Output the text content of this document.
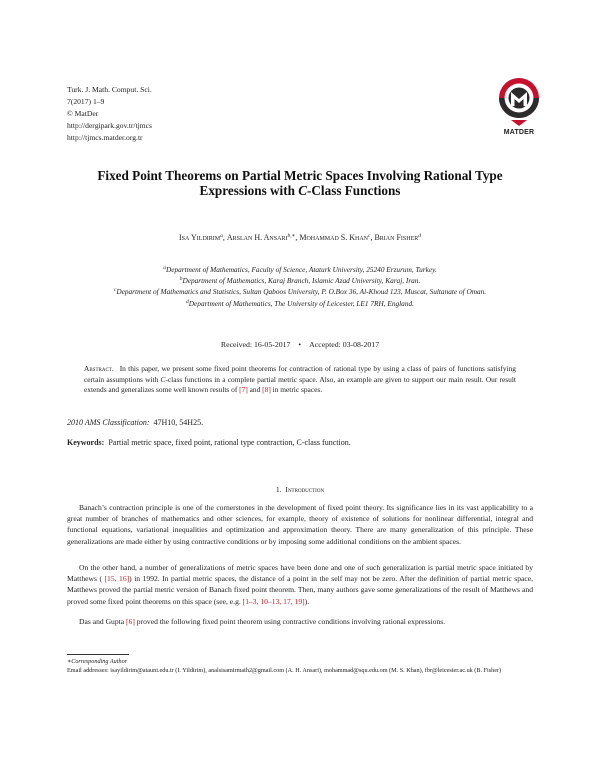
Turk. J. Math. Comput. Sci.
7(2017) 1–9
© MatDer
http://dergipark.gov.tr/tjmcs
http://tjmcs.matder.org.tr
MATDER
Fixed Point Theorems on Partial Metric Spaces Involving Rational Type
Expressions with C-Class Functions
Isa Yildirim$^a$, Arslan H. Ansari$^{b,∗}$, Mohammad S. Khan$^c$, Brian Fisher$^d$
$^a$Department of Mathematics, Faculty of Science, Ataturk University, 25240 Erzurum, Turkey.
$^b$Department of Mathematics, Karaj Branch, Islamic Azad University, Karaj, Iran.
$^c$Department of Mathematics and Statistics, Sultan Qaboos University, P. O.Box 36, Al-Khoud 123, Muscat, Sultanate of Oman.
$^d$Department of Mathematics, The University of Leicester, LE1 7RH, England.
Received: 16-05-2017 • Accepted: 03-08-2017
Abstract. In this paper, we present some fixed point theorems for contraction of rational type by using a class of pairs of functions satisfying certain assumptions with C-class functions in a complete partial metric space. Also, an example are given to support our main result. Our result extends and generalizes some well known results of [7] and [8] in metric spaces.
2010 AMS Classification: 47H10, 54H25.
Keywords: Partial metric space, fixed point, rational type contraction, C-class function.
1. Introduction

Banach’s contraction principle is one of the cornerstones in the development of fixed point theory. Its significance lies in its vast applicability to a great number of branches of mathematics and other sciences, for example, theory of existence of solutions for nonlinear differential, integral and functional equations, variational inequalities and optimization and approximation theory. There are many generalization of this principle. These generalizations are made either by using contractive conditions or by imposing some additional conditions on the ambient spaces.

On the other hand, a number of generalizations of metric spaces have been done and one of such generalization is partial metric space initiated by Matthews ( [15, 16]) in 1992. In partial metric spaces, the distance of a point in the self may not be zero. After the definition of partial metric space, Matthews proved the partial metric version of Banach fixed point theorem. Then, many authors gave some generalizations of the result of Matthews and proved some fixed point theorems on this space (see, e.g. [1–3, 10–13, 17, 19]).

Das and Gupta [6] proved the following fixed point theorem using contractive conditions involving rational expressions.

∗Corresponding Author
Email addresses: isayildirim@atauni.edu.tr (I. Yildirim), analsisamirmath2@gmail.com (A. H. Ansari), mohammad@squ.edu.om (M. S. Khan), fbr@leicester.ac.uk (B. Fisher)
